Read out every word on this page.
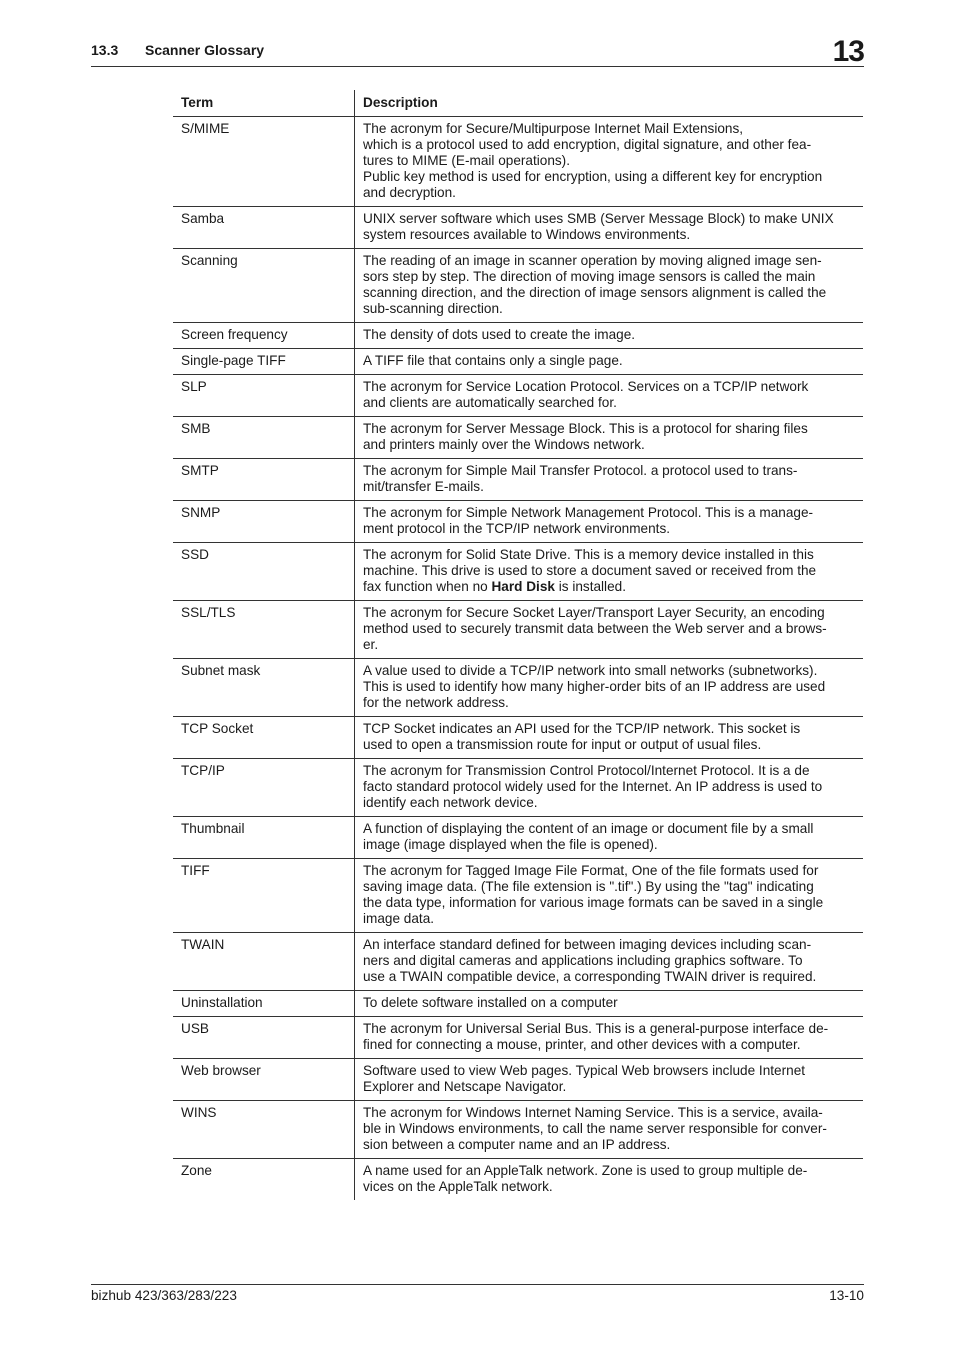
13.3 Scanner Glossary	13
Term	Description
S/MIME	The acronym for Secure/Multipurpose Internet Mail Extensions,
which is a protocol used to add encryption, digital signature, and other fea-
tures to MIME (E-mail operations).
Public key method is used for encryption, using a different key for encryption
and decryption.
Samba	UNIX server software which uses SMB (Server Message Block) to make UNIX
system resources available to Windows environments.
Scanning	The reading of an image in scanner operation by moving aligned image sen-
sors step by step. The direction of moving image sensors is called the main
scanning direction, and the direction of image sensors alignment is called the
sub-scanning direction.
Screen frequency	The density of dots used to create the image.
Single-page TIFF	A TIFF file that contains only a single page.
SLP	The acronym for Service Location Protocol. Services on a TCP/IP network
and clients are automatically searched for.
SMB	The acronym for Server Message Block. This is a protocol for sharing files
and printers mainly over the Windows network.
SMTP	The acronym for Simple Mail Transfer Protocol. a protocol used to trans-
mit/transfer E-mails.
SNMP	The acronym for Simple Network Management Protocol. This is a manage-
ment protocol in the TCP/IP network environments.
SSD	The acronym for Solid State Drive. This is a memory device installed in this
machine. This drive is used to store a document saved or received from the
fax function when no Hard Disk is installed.
SSL/TLS	The acronym for Secure Socket Layer/Transport Layer Security, an encoding
method used to securely transmit data between the Web server and a brows-
er.
Subnet mask	A value used to divide a TCP/IP network into small networks (subnetworks).
This is used to identify how many higher-order bits of an IP address are used
for the network address.
TCP Socket	TCP Socket indicates an API used for the TCP/IP network. This socket is
used to open a transmission route for input or output of usual files.
TCP/IP	The acronym for Transmission Control Protocol/Internet Protocol. It is a de
facto standard protocol widely used for the Internet. An IP address is used to
identify each network device.
Thumbnail	A function of displaying the content of an image or document file by a small
image (image displayed when the file is opened).
TIFF	The acronym for Tagged Image File Format, One of the file formats used for
saving image data. (The file extension is ".tif".) By using the "tag" indicating
the data type, information for various image formats can be saved in a single
image data.
TWAIN	An interface standard defined for between imaging devices including scan-
ners and digital cameras and applications including graphics software. To
use a TWAIN compatible device, a corresponding TWAIN driver is required.
Uninstallation	To delete software installed on a computer
USB	The acronym for Universal Serial Bus. This is a general-purpose interface de-
fined for connecting a mouse, printer, and other devices with a computer.
Web browser	Software used to view Web pages. Typical Web browsers include Internet
Explorer and Netscape Navigator.
WINS	The acronym for Windows Internet Naming Service. This is a service, availa-
ble in Windows environments, to call the name server responsible for conver-
sion between a computer name and an IP address.
Zone	A name used for an AppleTalk network. Zone is used to group multiple de-
vices on the AppleTalk network.
bizhub 423/363/283/223	13-10
